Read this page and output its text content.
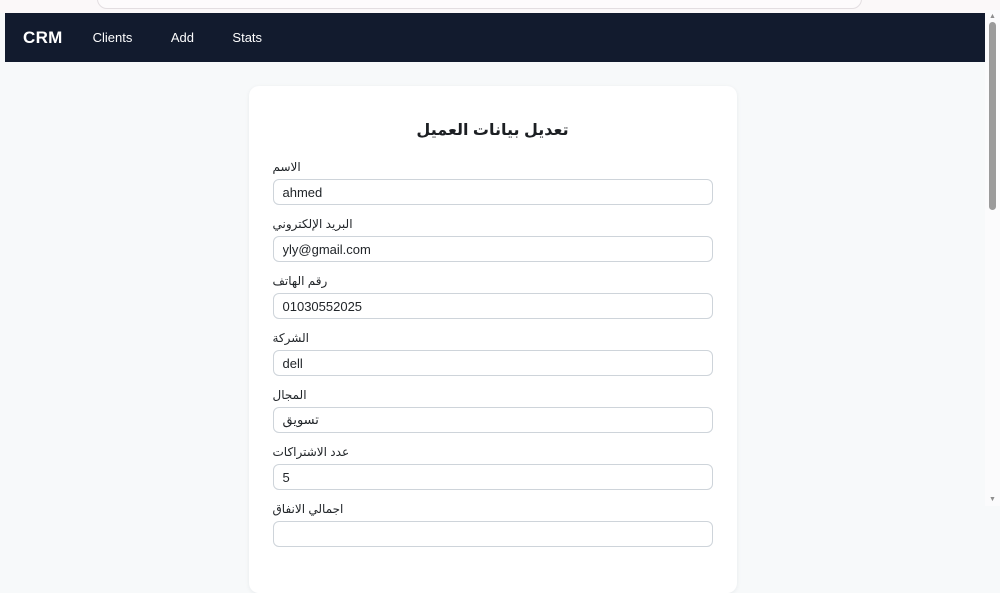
CRM	Clients	Add	Stats
تعديل بيانات العميل
الاسم
ahmed
البريد الإلكتروني
yly@gmail.com
رقم الهاتف
01030552025
الشركة
dell
المجال
تسويق
عدد الاشتراكات
5
اجمالي الانفاق
▲
▼
